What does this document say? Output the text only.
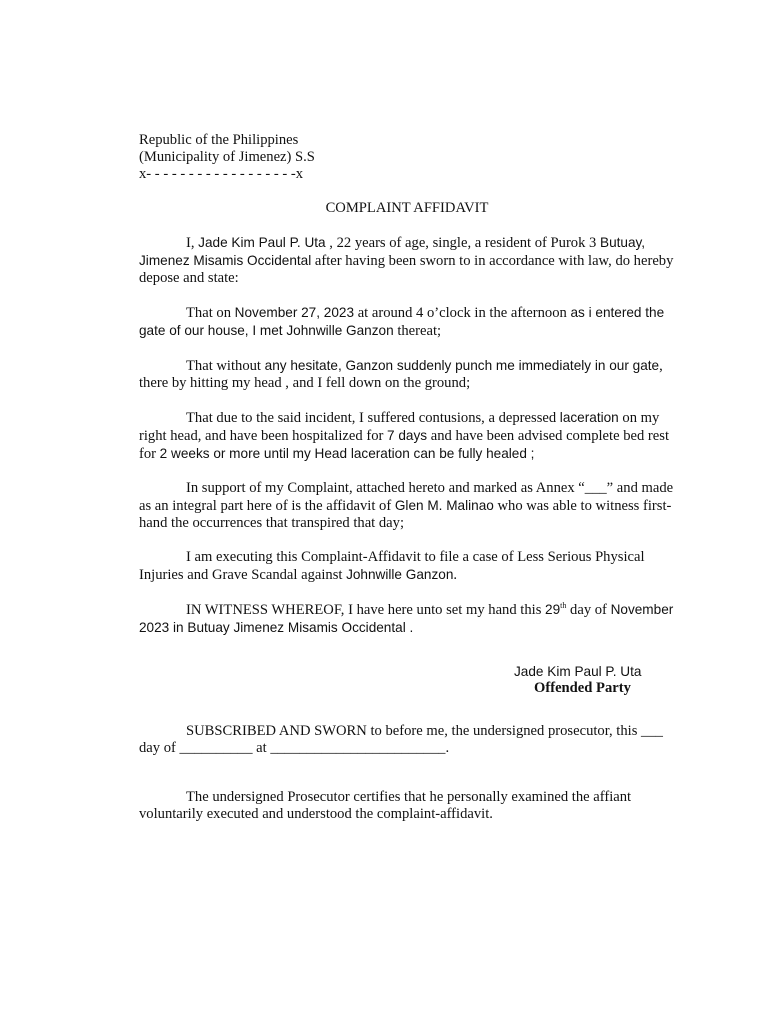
Republic of the Philippines

(Municipality of Jimenez) S.S

x- - - - - - - - - - - - - - - - - -x

COMPLAINT AFFIDAVIT

I, Jade Kim Paul P. Uta , 22 years of age, single, a resident of Purok 3 Butuay, Jimenez Misamis Occidental after having been sworn to in accordance with law, do hereby depose and state:

That on November 27, 2023 at around 4 o’clock in the afternoon as i entered the gate of our house, I met Johnwille Ganzon thereat;

That without any hesitate, Ganzon suddenly punch me immediately in our gate, there by hitting my head , and I fell down on the ground;

That due to the said incident, I suffered contusions, a depressed laceration on my right head, and have been hospitalized for 7 days and have been advised complete bed rest for 2 weeks or more until my Head laceration can be fully healed ;

In support of my Complaint, attached hereto and marked as Annex “___” and made as an integral part here of is the affidavit of Glen M. Malinao who was able to witness first-hand the occurrences that transpired that day;

I am executing this Complaint-Affidavit to file a case of Less Serious Physical Injuries and Grave Scandal against Johnwille Ganzon.

IN WITNESS WHEREOF, I have here unto set my hand this 29th day of November 2023 in Butuay Jimenez Misamis Occidental .

Jade Kim Paul P. Uta
Offended Party

SUBSCRIBED AND SWORN to before me, the undersigned prosecutor, this ___ day of __________ at ________________________.

The undersigned Prosecutor certifies that he personally examined the affiant voluntarily executed and understood the complaint-affidavit.
